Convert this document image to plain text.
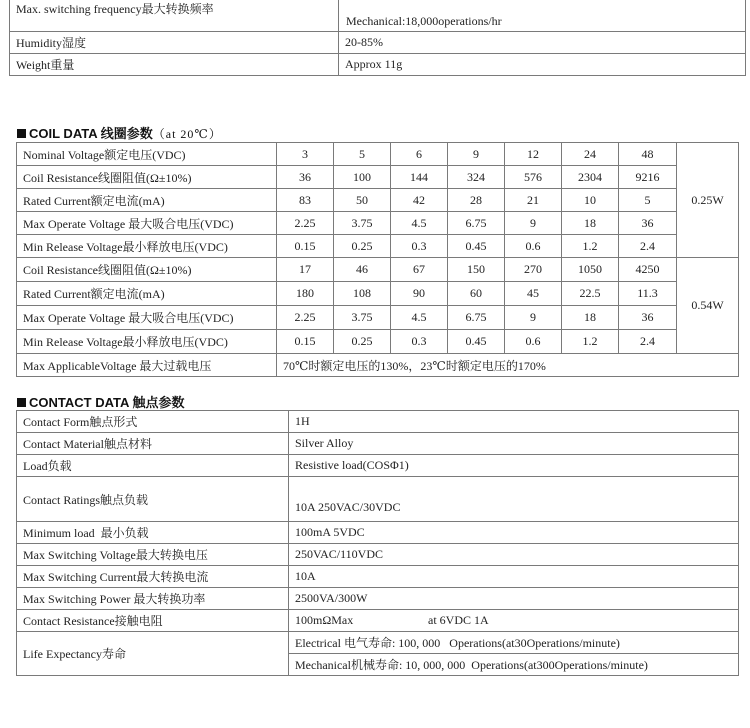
Max. switching frequency最大转换频率	Mechanical:18,000operations/hr

Humidity湿度	20-85%
Weight重量	Approx 11g
COIL DATA 线圈参数（at 20℃）
Nominal Voltage额定电压(VDC)	3	5	6	9	12	24	48	0.25W
Coil Resistance线圈阻值(Ω±10%)	36	100	144	324	576	2304	9216	
Rated Current额定电流(mA)	83	50	42	28	21	10	5	
Max Operate Voltage 最大吸合电压(VDC)	2.25	3.75	4.5	6.75	9	18	36	
Min Release Voltage最小释放电压(VDC)	0.15	0.25	0.3	0.45	0.6	1.2	2.4	
Coil Resistance线圈阻值(Ω±10%)	17	46	67	150	270	1050	4250	0.54W
Rated Current额定电流(mA)	180	108	90	60	45	22.5	11.3	
Max Operate Voltage 最大吸合电压(VDC)	2.25	3.75	4.5	6.75	9	18	36	
Min Release Voltage最小释放电压(VDC)	0.15	0.25	0.3	0.45	0.6	1.2	2.4	
Max ApplicableVoltage 最大过载电压	70℃时额定电压的130%，23℃时额定电压的170%							
CONTACT DATA 触点参数
Contact Form触点形式	1H
Contact Material触点材料	Silver Alloy
Load负载	Resistive load(COSΦ1)
Contact Ratings触点负载	10A 250VAC/30VDC
Minimum load  最小负载	100mA 5VDC
Max Switching Voltage最大转换电压	250VAC/110VDC
Max Switching Current最大转换电流	10A
Max Switching Power 最大转换功率	2500VA/300W
Contact Resistance接触电阻	100mΩMax at 6VDC 1A
Life Expectancy寿命	Electrical 电气寿命: 100, 000   Operations(at30Operations/minute)
	Mechanical机械寿命: 10, 000, 000  Operations(at300Operations/minute)
